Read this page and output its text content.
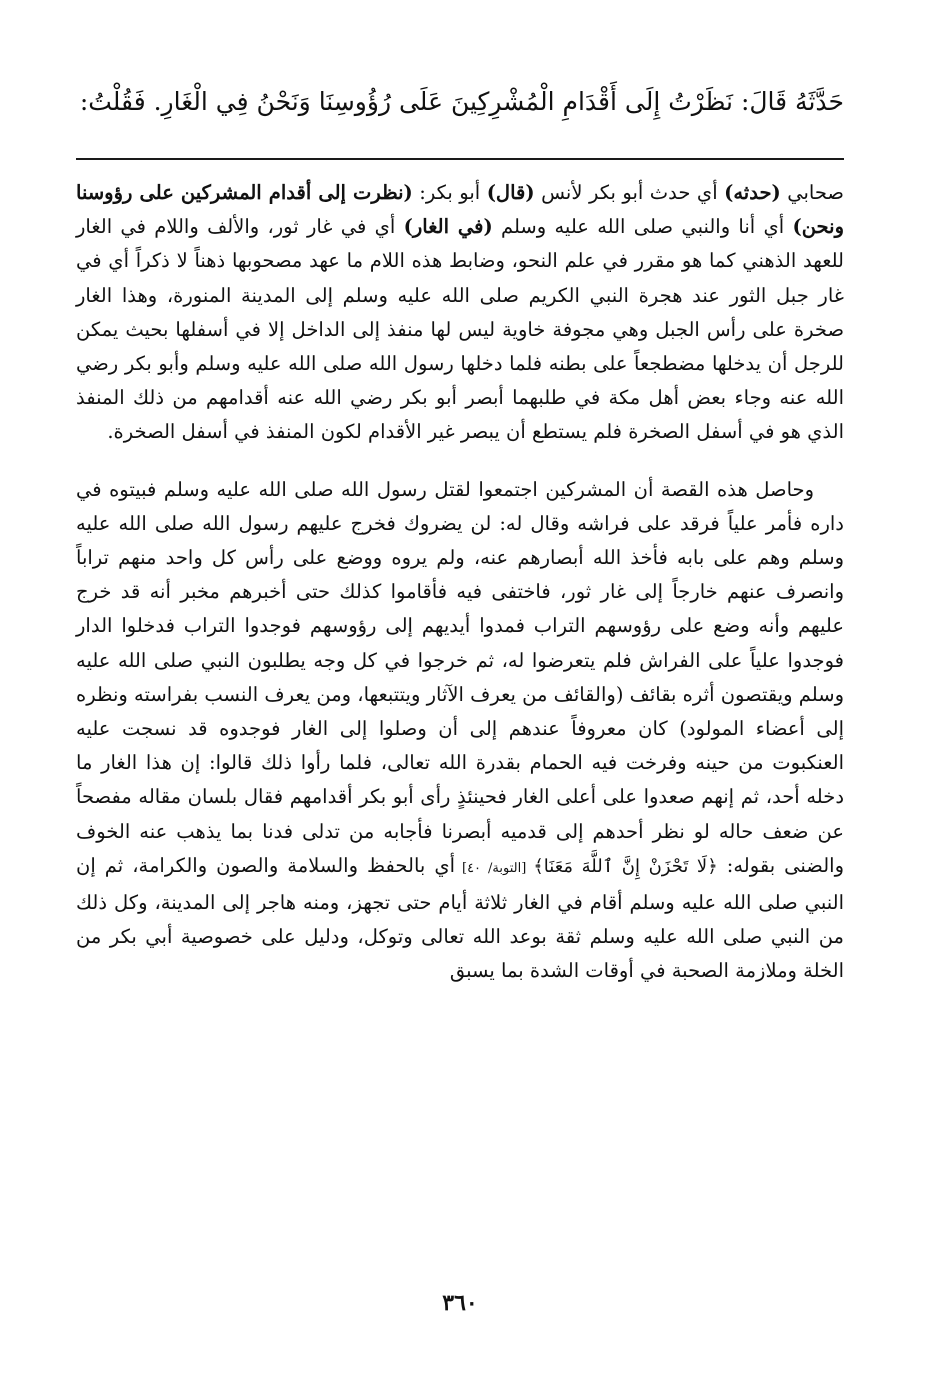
حَدَّثَهُ قَالَ: نَظَرْتُ إِلَى أَقْدَامِ الْمُشْرِكِينَ عَلَى رُؤُوسِنَا وَنَحْنُ فِي الْغَارِ. فَقُلْتُ:

صحابي (حدثه) أي حدث أبو بكر لأنس (قال) أبو بكر: (نظرت إلى أقدام المشركين على رؤوسنا ونحن) أي أنا والنبي صلى الله عليه وسلم (في الغار) أي في غار ثور، والألف واللام في الغار للعهد الذهني كما هو مقرر في علم النحو، وضابط هذه اللام ما عهد مصحوبها ذهناً لا ذكراً أي في غار جبل الثور عند هجرة النبي الكريم صلى الله عليه وسلم إلى المدينة المنورة، وهذا الغار صخرة على رأس الجبل وهي مجوفة خاوية ليس لها منفذ إلى الداخل إلا في أسفلها بحيث يمكن للرجل أن يدخلها مضطجعاً على بطنه فلما دخلها رسول الله صلى الله عليه وسلم وأبو بكر رضي الله عنه وجاء بعض أهل مكة في طلبهما أبصر أبو بكر رضي الله عنه أقدامهم من ذلك المنفذ الذي هو في أسفل الصخرة فلم يستطع أن يبصر غير الأقدام لكون المنفذ في أسفل الصخرة.

وحاصل هذه القصة أن المشركين اجتمعوا لقتل رسول الله صلى الله عليه وسلم فبيتوه في داره فأمر علياً فرقد على فراشه وقال له: لن يضروك فخرج عليهم رسول الله صلى الله عليه وسلم وهم على بابه فأخذ الله أبصارهم عنه، ولم يروه ووضع على رأس كل واحد منهم تراباً وانصرف عنهم خارجاً إلى غار ثور، فاختفى فيه فأقاموا كذلك حتى أخبرهم مخبر أنه قد خرج عليهم وأنه وضع على رؤوسهم التراب فمدوا أيديهم إلى رؤوسهم فوجدوا التراب فدخلوا الدار فوجدوا علياً على الفراش فلم يتعرضوا له، ثم خرجوا في كل وجه يطلبون النبي صلى الله عليه وسلم ويقتصون أثره بقائف (والقائف من يعرف الآثار ويتتبعها، ومن يعرف النسب بفراسته ونظره إلى أعضاء المولود) كان معروفاً عندهم إلى أن وصلوا إلى الغار فوجدوه قد نسجت عليه العنكبوت من حينه وفرخت فيه الحمام بقدرة الله تعالى، فلما رأوا ذلك قالوا: إن هذا الغار ما دخله أحد، ثم إنهم صعدوا على أعلى الغار فحينئذٍ رأى أبو بكر أقدامهم فقال بلسان مقاله مفصحاً عن ضعف حاله لو نظر أحدهم إلى قدميه أبصرنا فأجابه من تدلى فدنا بما يذهب عنه الخوف والضنى بقوله: ﴿لَا تَحْزَنْ إِنَّ ٱللَّهَ مَعَنَا﴾ [التوبة/ ٤٠] أي بالحفظ والسلامة والصون والكرامة، ثم إن النبي صلى الله عليه وسلم أقام في الغار ثلاثة أيام حتى تجهز، ومنه هاجر إلى المدينة، وكل ذلك من النبي صلى الله عليه وسلم ثقة بوعد الله تعالى وتوكل، ودليل على خصوصية أبي بكر من الخلة وملازمة الصحبة في أوقات الشدة بما يسبق

٣٦٠
